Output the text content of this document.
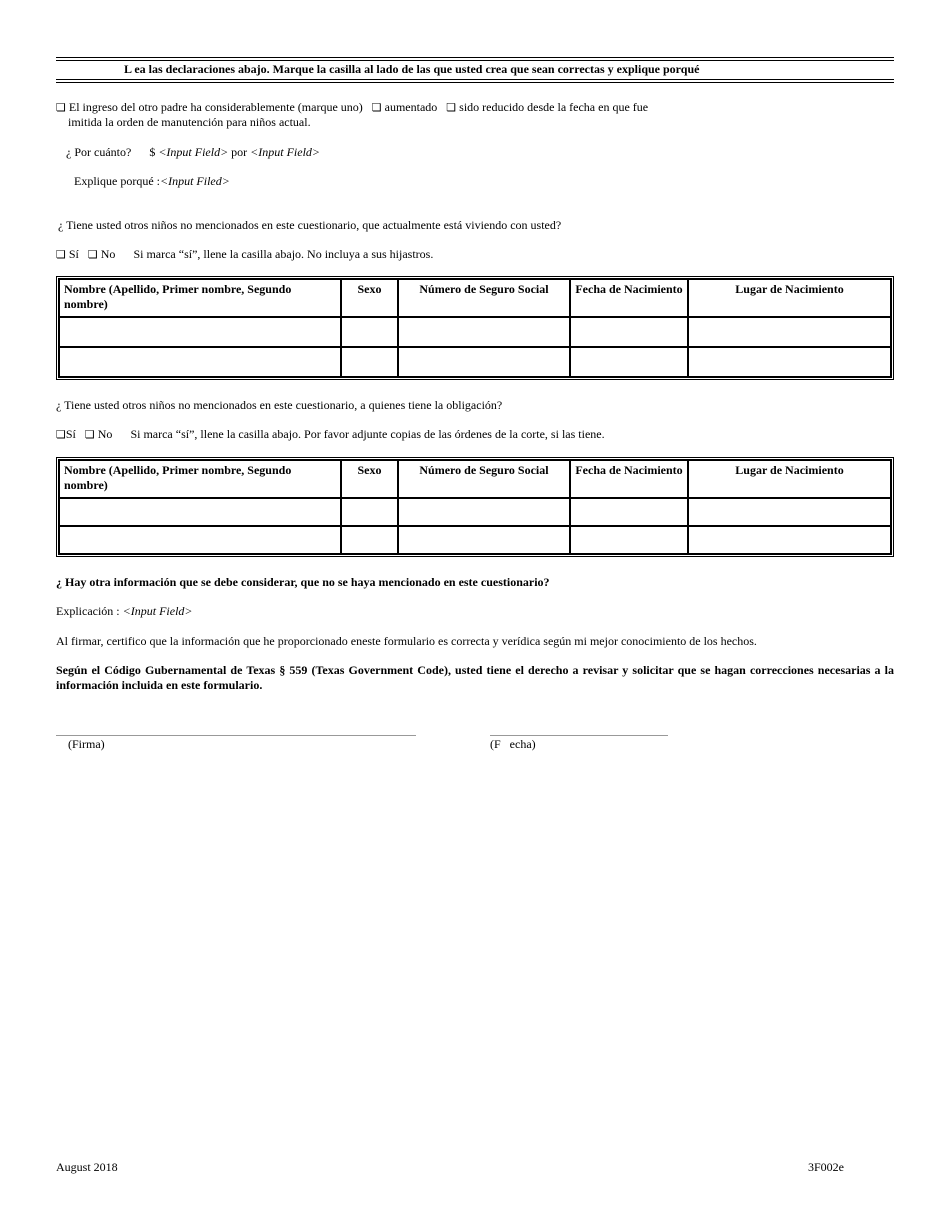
L ea las declaraciones abajo. Marque la casilla al lado de las que usted crea que sean correctas y explique porqué
❏ El ingreso del otro padre ha considerablemente (marque uno) ❏ aumentado ❏ sido reducido desde la fecha en que fue
imitida la orden de manutención para niños actual.
¿ Por cuánto? $ <Input Field> por <Input Field>
Explique porqué :<Input Filed>
¿ Tiene usted otros niños no mencionados en este cuestionario, que actualmente está viviendo con usted?
❏ Sí ❏ No Si marca “sí”, llene la casilla abajo. No incluya a sus hijastros.
Nombre (Apellido, Primer nombre, Segundo nombre)	Sexo	Número de Seguro Social	Fecha de Nacimiento	Lugar de Nacimiento

¿ Tiene usted otros niños no mencionados en este cuestionario, a quienes tiene la obligación?
❏Sí ❏ No Si marca “sí”, llene la casilla abajo. Por favor adjunte copias de las órdenes de la corte, si las tiene.
Nombre (Apellido, Primer nombre, Segundo nombre)	Sexo	Número de Seguro Social	Fecha de Nacimiento	Lugar de Nacimiento

¿ Hay otra información que se debe considerar, que no se haya mencionado en este cuestionario?
Explicación : <Input Field>
Al firmar, certifico que la información que he proporcionado eneste formulario es correcta y verídica según mi mejor conocimiento de los hechos.
Según el Código Gubernamental de Texas § 559 (Texas Government Code), usted tiene el derecho a revisar y solicitar que se hagan correcciones necesarias a la información incluida en este formulario.
(Firma)	(F   echa)
August 2018	3F002e
